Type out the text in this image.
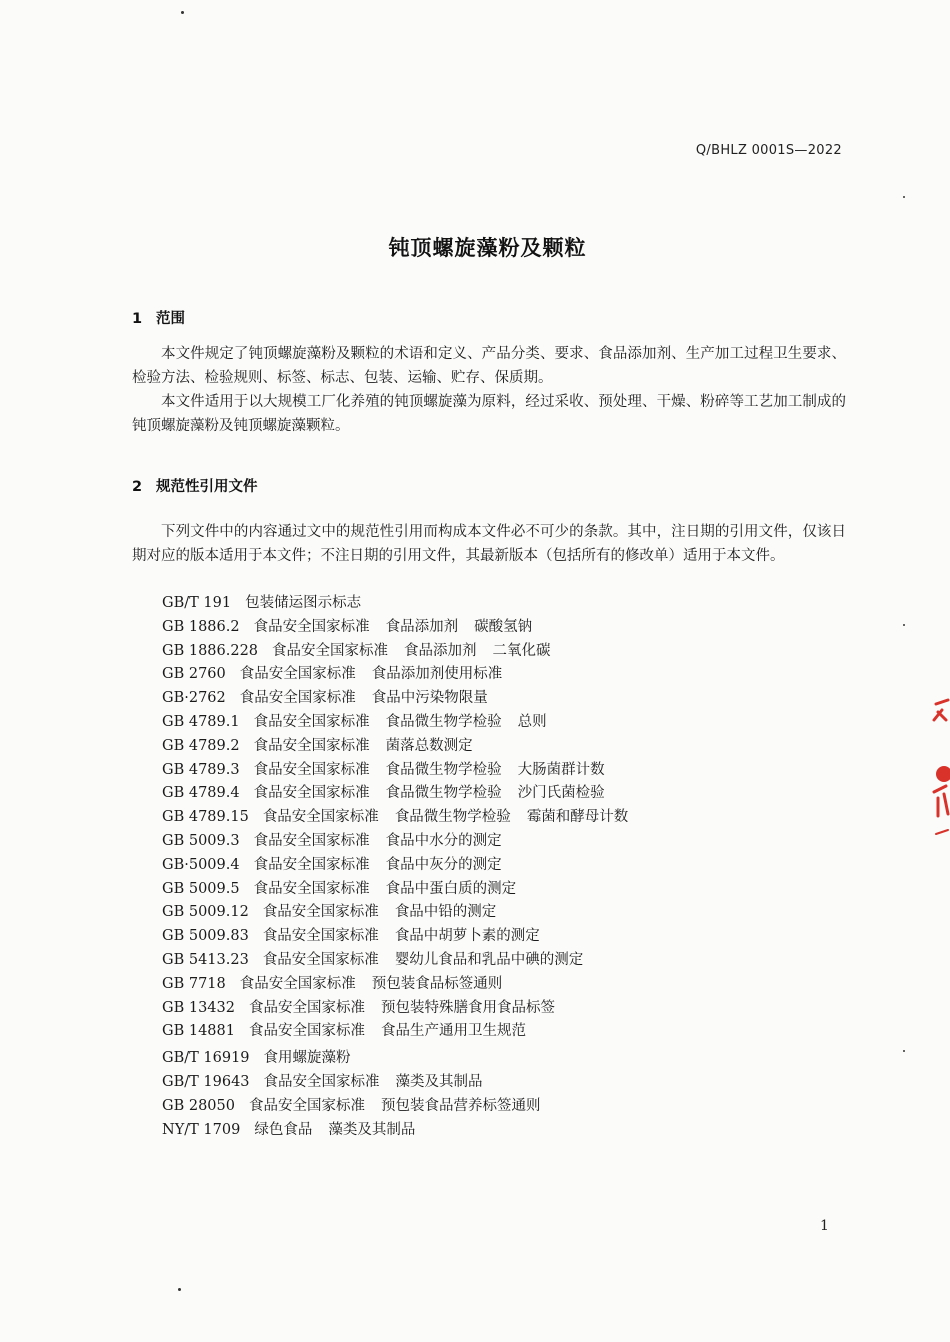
Q/BHLZ 0001S—2022
钝顶螺旋藻粉及颗粒
1 范围

本文件规定了钝顶螺旋藻粉及颗粒的术语和定义、产品分类、要求、食品添加剂、生产加工过程卫生要求、检验方法、检验规则、标签、标志、包装、运输、贮存、保质期。

本文件适用于以大规模工厂化养殖的钝顶螺旋藻为原料，经过采收、预处理、干燥、粉碎等工艺加工制成的钝顶螺旋藻粉及钝顶螺旋藻颗粒。

2 规范性引用文件

下列文件中的内容通过文中的规范性引用而构成本文件必不可少的条款。其中，注日期的引用文件，仅该日期对应的版本适用于本文件；不注日期的引用文件，其最新版本（包括所有的修改单）适用于本文件。

GB/T 191 包装储运图示标志
GB 1886.2 食品安全国家标准 食品添加剂 碳酸氢钠
GB 1886.228 食品安全国家标准 食品添加剂 二氧化碳
GB 2760 食品安全国家标准 食品添加剂使用标准
GB·2762 食品安全国家标准 食品中污染物限量
GB 4789.1 食品安全国家标准 食品微生物学检验 总则
GB 4789.2 食品安全国家标准 菌落总数测定
GB 4789.3 食品安全国家标准 食品微生物学检验 大肠菌群计数
GB 4789.4 食品安全国家标准 食品微生物学检验 沙门氏菌检验
GB 4789.15 食品安全国家标准 食品微生物学检验 霉菌和酵母计数
GB 5009.3 食品安全国家标准 食品中水分的测定
GB·5009.4 食品安全国家标准 食品中灰分的测定
GB 5009.5 食品安全国家标准 食品中蛋白质的测定
GB 5009.12 食品安全国家标准 食品中铅的测定
GB 5009.83 食品安全国家标准 食品中胡萝卜素的测定
GB 5413.23 食品安全国家标准 婴幼儿食品和乳品中碘的测定
GB 7718 食品安全国家标准 预包装食品标签通则
GB 13432 食品安全国家标准 预包装特殊膳食用食品标签
GB 14881 食品安全国家标准 食品生产通用卫生规范
GB/T 16919 食用螺旋藻粉
GB/T 19643 食品安全国家标准 藻类及其制品
GB 28050 食品安全国家标准 预包装食品营养标签通则
NY/T 1709 绿色食品 藻类及其制品
1
